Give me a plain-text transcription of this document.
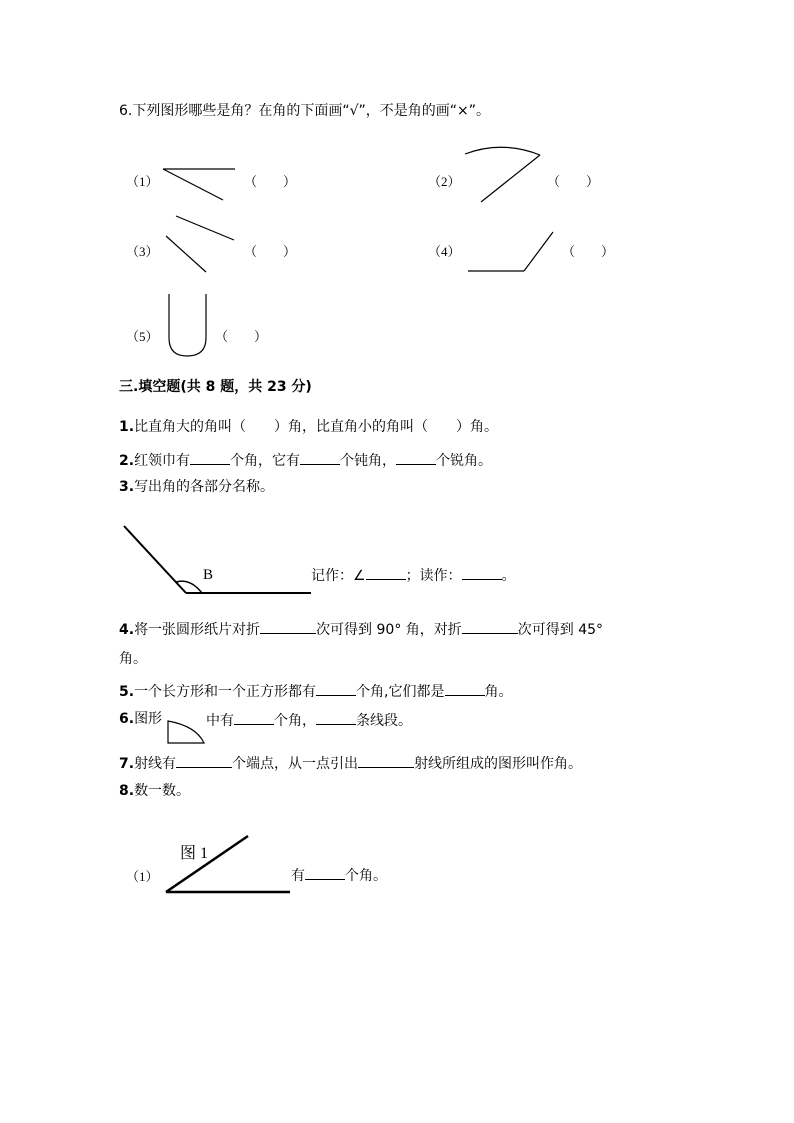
6.下列图形哪些是角？在角的下面画“√”，不是角的画“×”。
（1）	（　　）	（2）	（　　）
（3）	（　　）	（4）	（　　）
（5）	（　　）
三.填空题(共 8 题，共 23 分)
1.比直角大的角叫（　　）角，比直角小的角叫（　　）角。
2.红领巾有	个角，它有	个钝角，	个锐角。
3.写出角的各部分名称。
B	记作：∠	；读作：	。
4.将一张圆形纸片对折	次可得到 90° 角，对折	次可得到 45°
角。
5.一个长方形和一个正方形都有	个角,它们都是	角。
6.图形	中有	个角，	条线段。
7.射线有	个端点，从一点引出	射线所组成的图形叫作角。
8.数一数。
（1）
图 1
有	个角。
